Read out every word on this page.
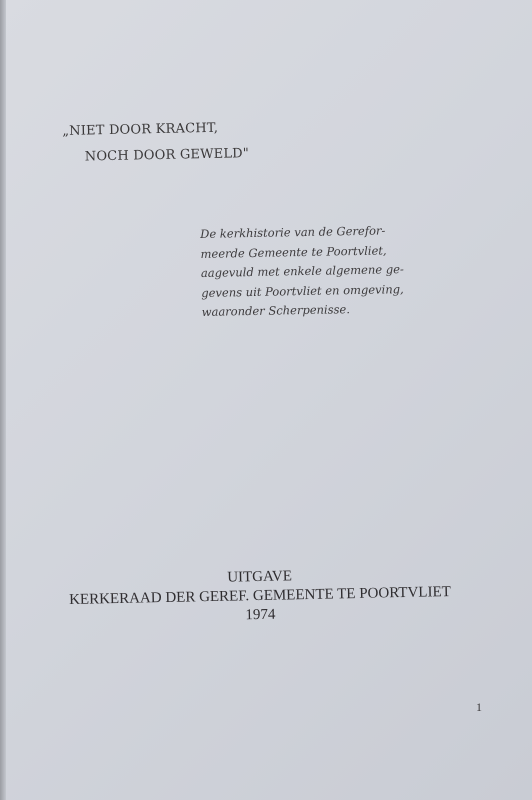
„NIET DOOR KRACHT,
NOCH DOOR GEWELD"
De kerkhistorie van de Gerefor-
meerde Gemeente te Poortvliet,
aagevuld met enkele algemene ge-
gevens uit Poortvliet en omgeving,
waaronder Scherpenisse.
UITGAVE
KERKERAAD DER GEREF. GEMEENTE TE POORTVLIET
1974
1
